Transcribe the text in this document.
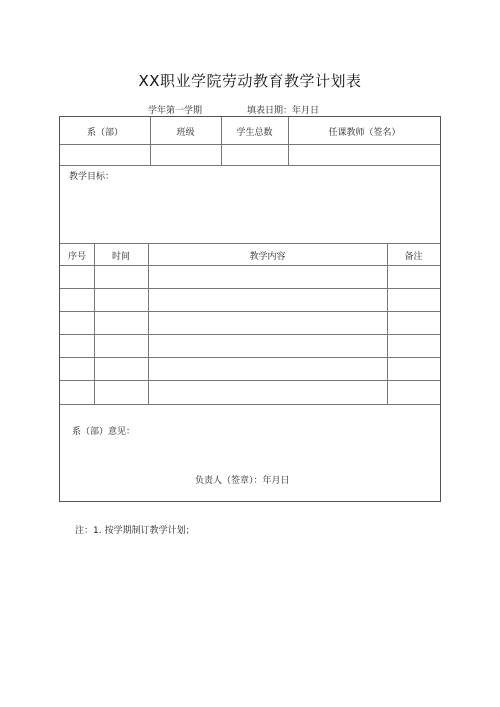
XX职业学院劳动教育教学计划表
学年第一学期	填表日期：年月日
系（部）	班级	学生总数	任课教师（签名）
教学目标：
序号	时间	教学内容	备注
系（部）意见：
负责人（签章）：年月日
注：1. 按学期制订教学计划；
